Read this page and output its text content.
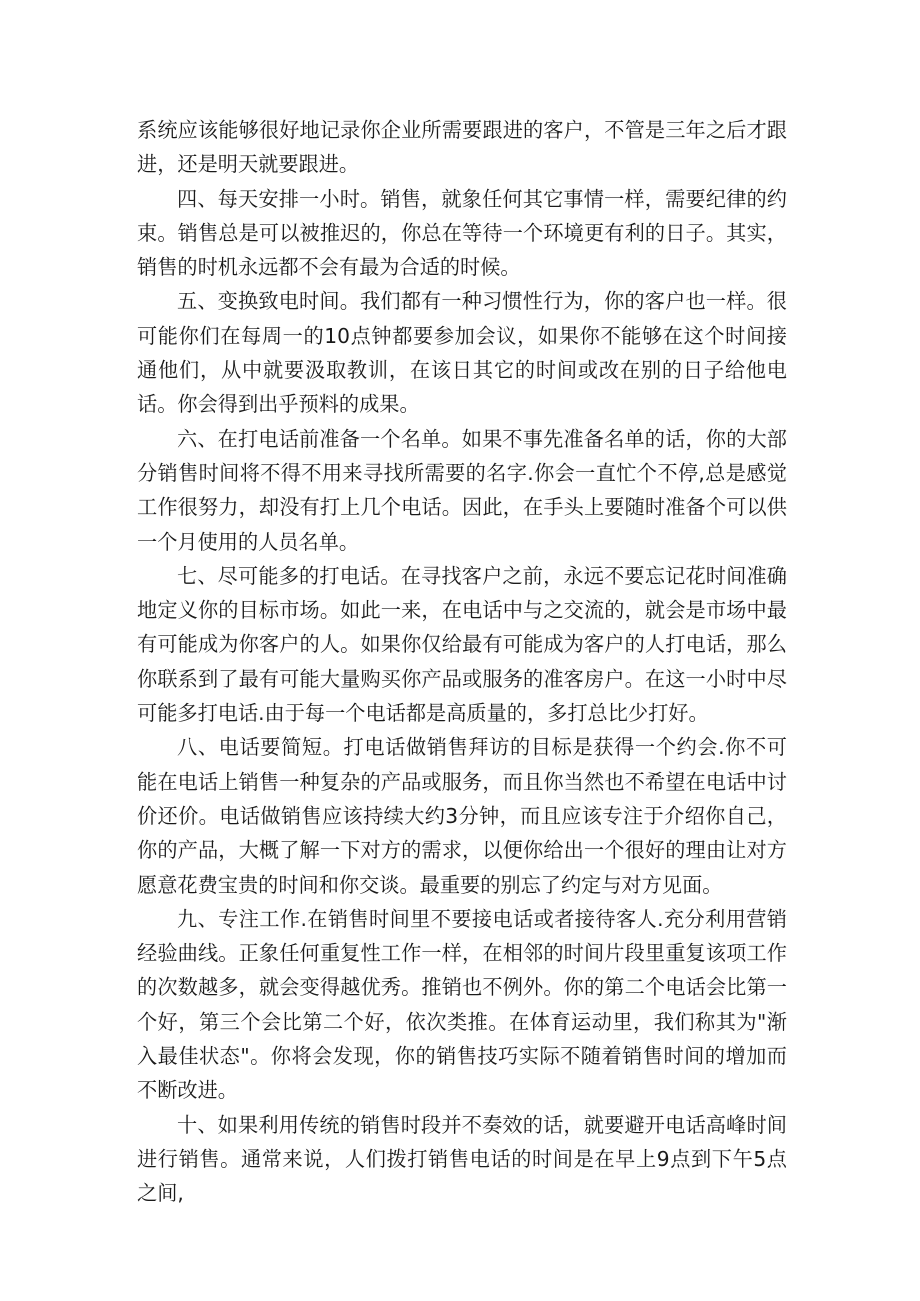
系统应该能够很好地记录你企业所需要跟进的客户，不管是三年之后才跟进，还是明天就要跟进。

四、每天安排一小时。销售，就象任何其它事情一样，需要纪律的约束。销售总是可以被推迟的，你总在等待一个环境更有利的日子。其实，销售的时机永远都不会有最为合适的时候。

五、变换致电时间。我们都有一种习惯性行为，你的客户也一样。很可能你们在每周一的10点钟都要参加会议，如果你不能够在这个时间接通他们，从中就要汲取教训，在该日其它的时间或改在别的日子给他电话。你会得到出乎预料的成果。

六、在打电话前准备一个名单。如果不事先准备名单的话，你的大部分销售时间将不得不用来寻找所需要的名字.你会一直忙个不停,总是感觉工作很努力，却没有打上几个电话。因此，在手头上要随时准备个可以供一个月使用的人员名单。

七、尽可能多的打电话。在寻找客户之前，永远不要忘记花时间准确地定义你的目标市场。如此一来，在电话中与之交流的，就会是市场中最有可能成为你客户的人。如果你仅给最有可能成为客户的人打电话，那么你联系到了最有可能大量购买你产品或服务的准客房户。在这一小时中尽可能多打电话.由于每一个电话都是高质量的，多打总比少打好。

八、电话要简短。打电话做销售拜访的目标是获得一个约会.你不可能在电话上销售一种复杂的产品或服务，而且你当然也不希望在电话中讨价还价。电话做销售应该持续大约3分钟，而且应该专注于介绍你自己，你的产品，大概了解一下对方的需求，以便你给出一个很好的理由让对方愿意花费宝贵的时间和你交谈。最重要的别忘了约定与对方见面。

九、专注工作.在销售时间里不要接电话或者接待客人.充分利用营销经验曲线。正象任何重复性工作一样，在相邻的时间片段里重复该项工作的次数越多，就会变得越优秀。推销也不例外。你的第二个电话会比第一个好，第三个会比第二个好，依次类推。在体育运动里，我们称其为"渐入最佳状态"。你将会发现，你的销售技巧实际不随着销售时间的增加而不断改进。

十、如果利用传统的销售时段并不奏效的话，就要避开电话高峰时间进行销售。通常来说，人们拨打销售电话的时间是在早上9点到下午5点之间,
